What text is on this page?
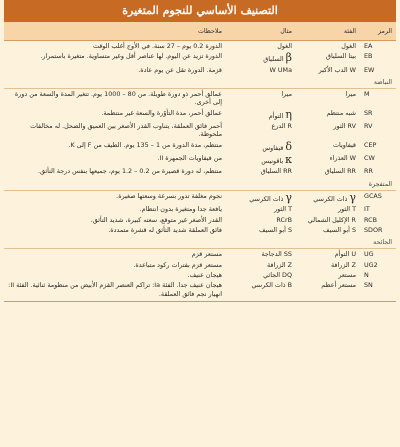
التصنيف الأساسي للنجوم المتغيرة
الرمز	الفئة	مثال	ملاحظات
EA	الغول	الغول	الدورة 0.2 يوم – 27 سنة. في الأوج أغلب الوقت
EB	بيتا السلياق	βالسلياق	الدورة تزيد عن اليوم. لها عناصر أقل وغير متساوية. متغيرة باستمرار.
EW	W الدب الأكبر	W UMa	قزمة. الدورة تقل عن يوم عادة.
النباضة			
M	ميرا	ميرا	عمالق أحمر ذو دورة طويلة. من 80 – 1000 يوم. تتغير المدة والسعة من دورة إلى أخرى.
SR	شبه منتظم	ηالتوأم	عمالق أحمر، مدة التأوّرة والسعة غير منتظمة.
RV	RV الثور	R الدرع	أحمر فائق العملقة، يتناوب القدر الأصغر بين العميق والضحل. له مخالفات ملحوظة.
CEP	قيفاويات	δقيفاوس	منتظم، مدة الدورة من 1 – 135 يوم. الطيف من F إلى K.
CW	W العذراء	κباڤونيس	من قيفاويات الجمهرة II.
RR	RR السلياق	RR السلياق	منتظم، له دورة قصيرة من 0.2 – 1.2 يوم، جميعها بنفس درجة التأثق.
المتفجرة			
GCAS	γذات الكرسي	γذات الكرسي	نجوم مغلفة تدور بسرعة وسعتها صغيرة.
IT	T الثور	T الثور	يافعة جدا ومتغيرة بدون انتظام.
RCB	R الإكليل الشمالي	RCrB	القدر الأصغر غير متوقع، سعته كبيرة، شديد التأثق.
SDOR	S أبو السيف	S أبو السيف	فائق العملقة شديد التأثق له قشرة متمددة.
الجائحة			
UG	U التوأم	SS الدجاجة	مستعر قزم
UG2	Z الزرافة	Z الزرافة	مستعر قزم بفترات ركود متباعدة.
N	مستعر	DQ الجاثي	هيجان عنيف.
SN	مستعر أعظم	B ذات الكرسي	هيجان عنيف جدا. الفئة Ia: تراكم العنصر القزم الأبيض من منظومة ثنائية. الفئة II: انهيار نجم فائق العملقة.
